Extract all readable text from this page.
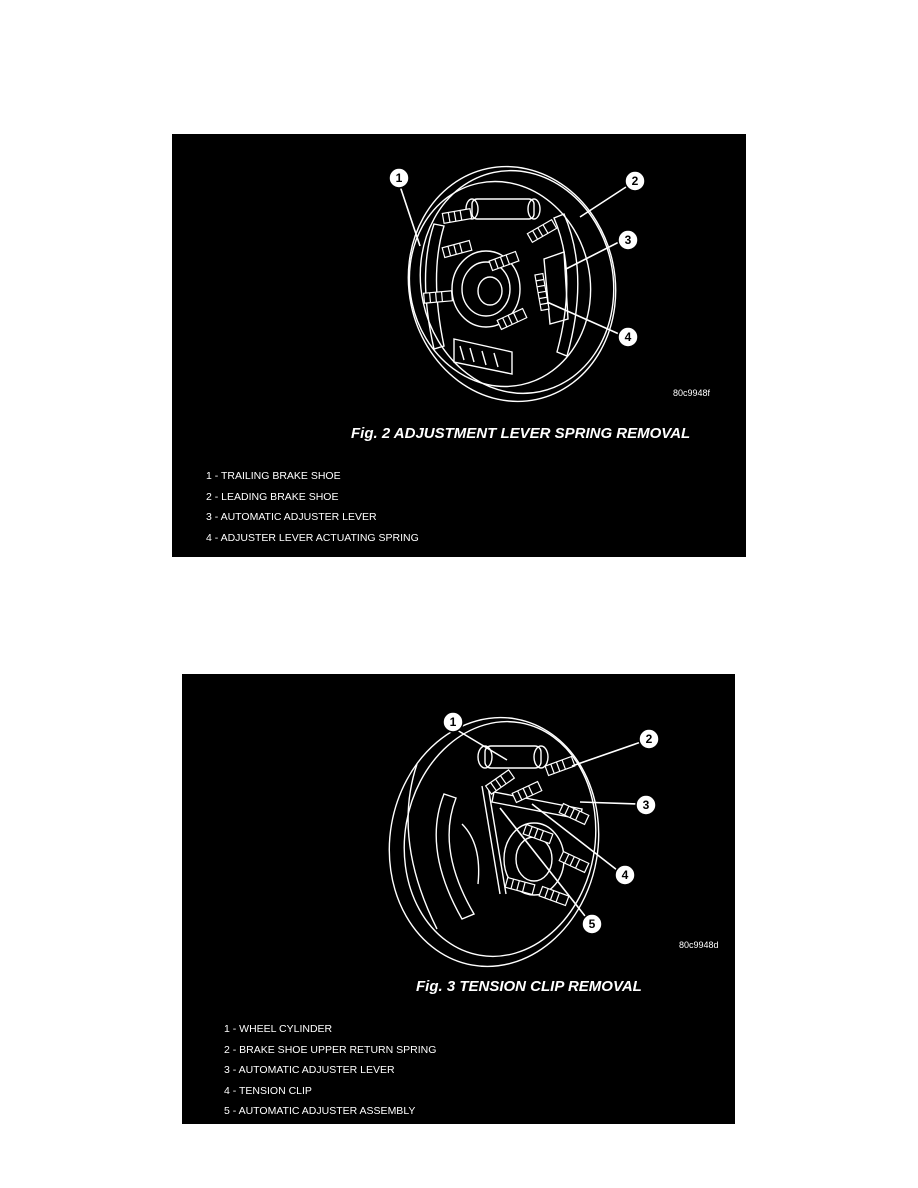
1	2
3
4
80c9948f
Fig. 2 ADJUSTMENT LEVER SPRING REMOVAL
1 - TRAILING BRAKE SHOE
2 - LEADING BRAKE SHOE
3 - AUTOMATIC ADJUSTER LEVER
4 - ADJUSTER LEVER ACTUATING SPRING
1
2
3
4
5
80c9948d
Fig. 3 TENSION CLIP REMOVAL
1 - WHEEL CYLINDER
2 - BRAKE SHOE UPPER RETURN SPRING
3 - AUTOMATIC ADJUSTER LEVER
4 - TENSION CLIP
5 - AUTOMATIC ADJUSTER ASSEMBLY
